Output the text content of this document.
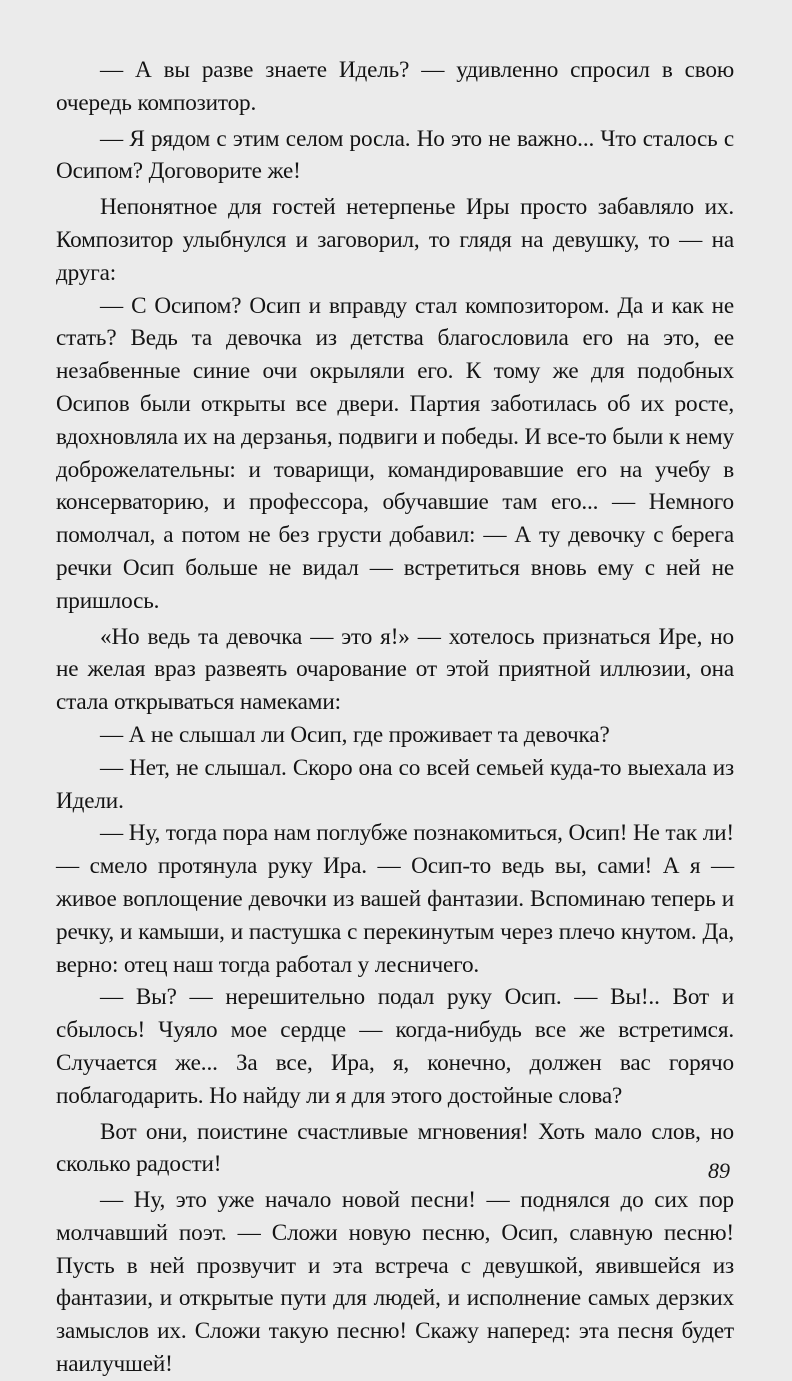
— А вы разве знаете Идель? — удивленно спросил в свою очередь композитор.

— Я рядом с этим селом росла. Но это не важно... Что сталось с Осипом? Договорите же!

Непонятное для гостей нетерпенье Иры просто забавляло их. Композитор улыбнулся и заговорил, то глядя на девушку, то — на друга:

— С Осипом? Осип и вправду стал композитором. Да и как не стать? Ведь та девочка из детства благословила его на это, ее незабвенные синие очи окрыляли его. К тому же для подобных Осипов были открыты все двери. Партия заботилась об их росте, вдохновляла их на дерзанья, подвиги и победы. И все-то были к нему доброжелательны: и товарищи, командировавшие его на учебу в консерваторию, и профессора, обучавшие там его... — Немного помолчал, а потом не без грусти добавил: — А ту девочку с берега речки Осип больше не видал — встретиться вновь ему с ней не пришлось.

«Но ведь та девочка — это я!» — хотелось признаться Ире, но не желая враз развеять очарование от этой приятной иллюзии, она стала открываться намеками:

— А не слышал ли Осип, где проживает та девочка?

— Нет, не слышал. Скоро она со всей семьей куда-то выехала из Идели.

— Ну, тогда пора нам поглубже познакомиться, Осип! Не так ли! — смело протянула руку Ира. — Осип-то ведь вы, сами! А я — живое воплощение девочки из вашей фантазии. Вспоминаю теперь и речку, и камыши, и пастушка с перекинутым через плечо кнутом. Да, верно: отец наш тогда работал у лесничего.

— Вы? — нерешительно подал руку Осип. — Вы!.. Вот и сбылось! Чуяло мое сердце — когда-нибудь все же встретимся. Случается же... За все, Ира, я, конечно, должен вас горячо поблагодарить. Но найду ли я для этого достойные слова?

Вот они, поистине счастливые мгновения! Хоть мало слов, но сколько радости!

— Ну, это уже начало новой песни! — поднялся до сих пор молчавший поэт. — Сложи новую песню, Осип, славную песню! Пусть в ней прозвучит и эта встреча с девушкой, явившейся из фантазии, и открытые пути для людей, и исполнение самых дерзких замыслов их. Сложи такую песню! Скажу наперед: эта песня будет наилучшей!

89
